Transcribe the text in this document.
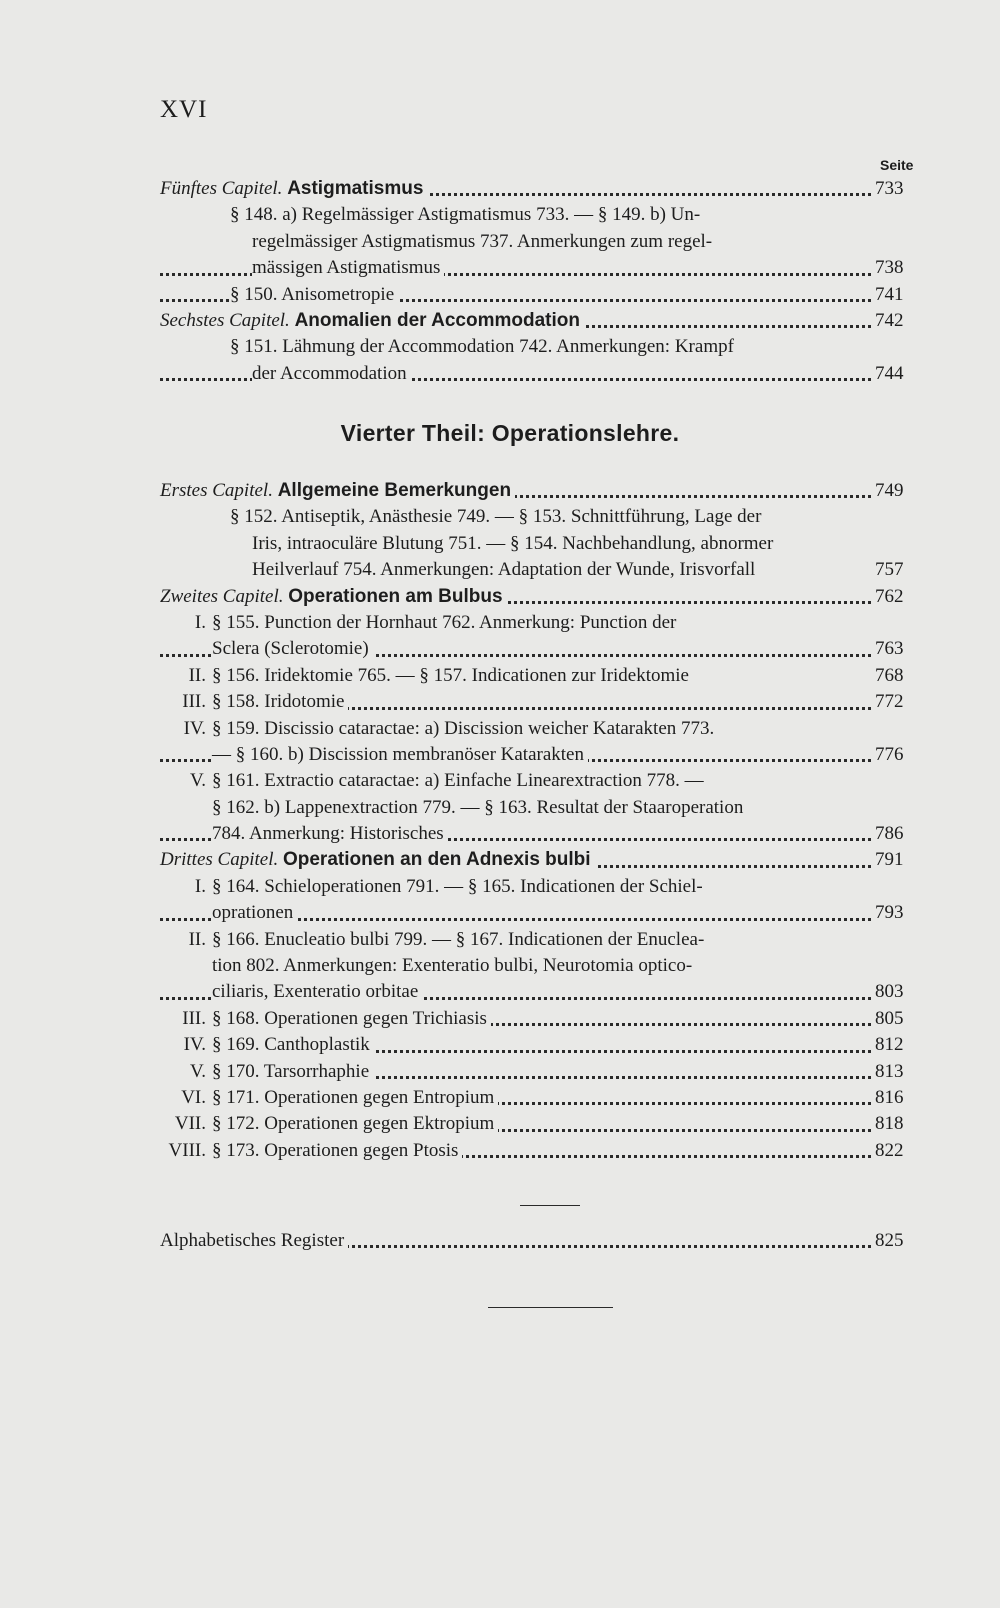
XVI
Seite
Fünftes Capitel. Astigmatismus	733
§ 148. a) Regelmässiger Astigmatismus 733. — § 149. b) Un-
regelmässiger Astigmatismus 737. Anmerkungen zum regel-
mässigen Astigmatismus	738
§ 150. Anisometropie	741
Sechstes Capitel. Anomalien der Accommodation	742
§ 151. Lähmung der Accommodation 742. Anmerkungen: Krampf
der Accommodation	744
Vierter Theil: Operationslehre.
Erstes Capitel. Allgemeine Bemerkungen	749
§ 152. Antiseptik, Anästhesie 749. — § 153. Schnittführung, Lage der
Iris, intraoculäre Blutung 751. — § 154. Nachbehandlung, abnormer
Heilverlauf 754. Anmerkungen: Adaptation der Wunde, Irisvorfall	757
Zweites Capitel. Operationen am Bulbus	762
I. § 155. Punction der Hornhaut 762. Anmerkung: Punction der
Sclera (Sclerotomie)	763
II. § 156. Iridektomie 765. — § 157. Indicationen zur Iridektomie	768
III. § 158. Iridotomie	772
IV. § 159. Discissio cataractae: a) Discission weicher Katarakten 773.
— § 160. b) Discission membranöser Katarakten	776
V. § 161. Extractio cataractae: a) Einfache Linearextraction 778. —
§ 162. b) Lappenextraction 779. — § 163. Resultat der Staaroperation
784. Anmerkung: Historisches	786
Drittes Capitel. Operationen an den Adnexis bulbi	791
I. § 164. Schieloperationen 791. — § 165. Indicationen der Schiel-
oprationen	793
II. § 166. Enucleatio bulbi 799. — § 167. Indicationen der Enuclea-
tion 802. Anmerkungen: Exenteratio bulbi, Neurotomia optico-
ciliaris, Exenteratio orbitae	803
III. § 168. Operationen gegen Trichiasis	805
IV. § 169. Canthoplastik	812
V. § 170. Tarsorrhaphie	813
VI. § 171. Operationen gegen Entropium	816
VII. § 172. Operationen gegen Ektropium	818
VIII. § 173. Operationen gegen Ptosis	822
Alphabetisches Register	825
